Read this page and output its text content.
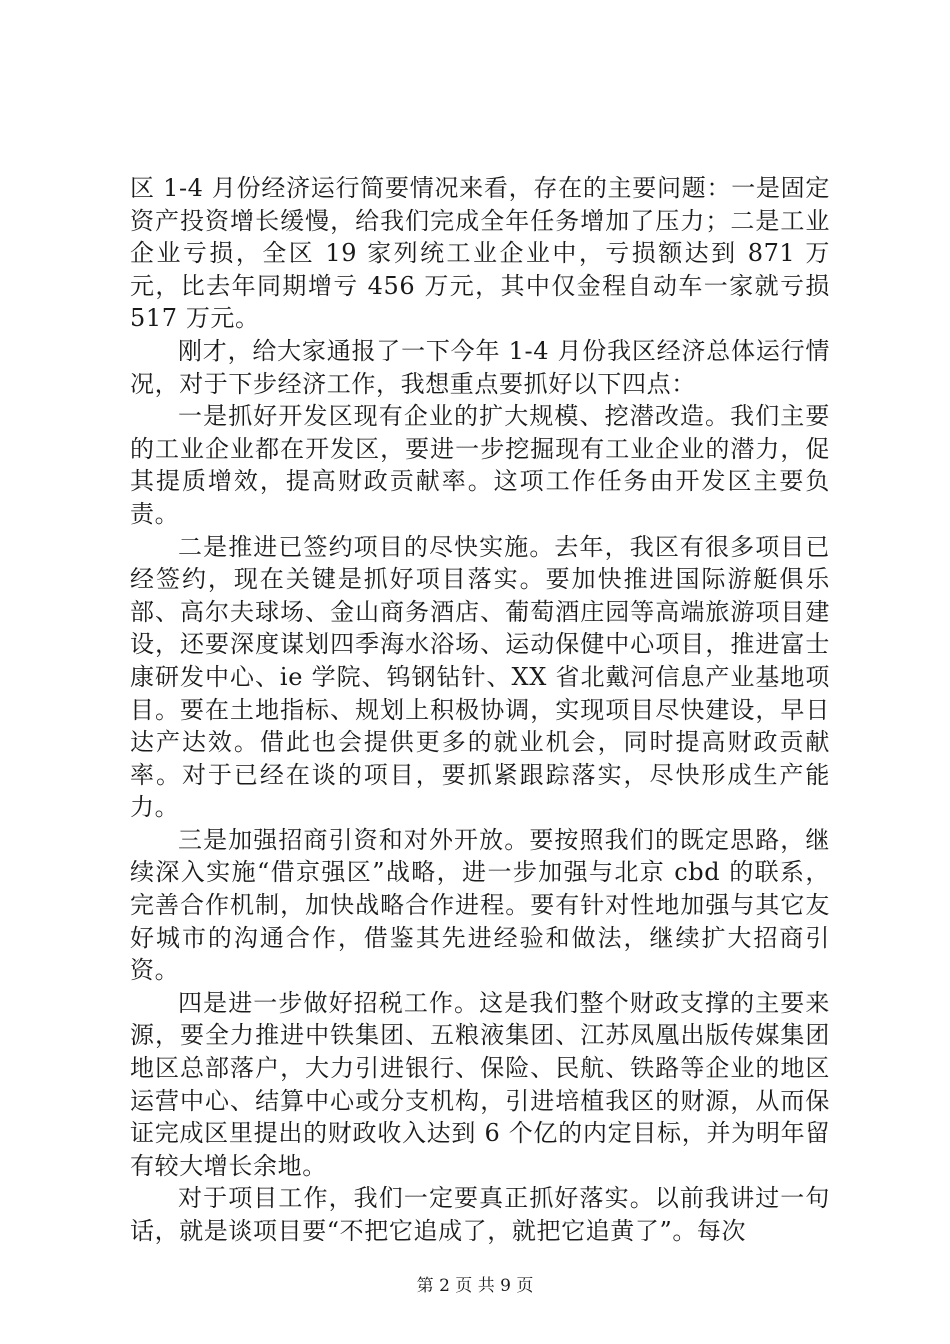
区 1-4 月份经济运行简要情况来看，存在的主要问题：一是固定资产投资增长缓慢，给我们完成全年任务增加了压力；二是工业企业亏损，全区 19 家列统工业企业中，亏损额达到 871 万元，比去年同期增亏 456 万元，其中仅金程自动车一家就亏损 517 万元。

刚才，给大家通报了一下今年 1-4 月份我区经济总体运行情况，对于下步经济工作，我想重点要抓好以下四点：

一是抓好开发区现有企业的扩大规模、挖潜改造。我们主要的工业企业都在开发区，要进一步挖掘现有工业企业的潜力，促其提质增效，提高财政贡献率。这项工作任务由开发区主要负责。

二是推进已签约项目的尽快实施。去年，我区有很多项目已经签约，现在关键是抓好项目落实。要加快推进国际游艇俱乐部、高尔夫球场、金山商务酒店、葡萄酒庄园等高端旅游项目建设，还要深度谋划四季海水浴场、运动保健中心项目，推进富士康研发中心、ie 学院、钨钢钻针、XX 省北戴河信息产业基地项目。要在土地指标、规划上积极协调，实现项目尽快建设，早日达产达效。借此也会提供更多的就业机会，同时提高财政贡献率。对于已经在谈的项目，要抓紧跟踪落实，尽快形成生产能力。

三是加强招商引资和对外开放。要按照我们的既定思路，继续深入实施“借京强区”战略，进一步加强与北京 cbd 的联系，完善合作机制，加快战略合作进程。要有针对性地加强与其它友好城市的沟通合作，借鉴其先进经验和做法，继续扩大招商引资。

四是进一步做好招税工作。这是我们整个财政支撑的主要来源，要全力推进中铁集团、五粮液集团、江苏凤凰出版传媒集团地区总部落户，大力引进银行、保险、民航、铁路等企业的地区运营中心、结算中心或分支机构，引进培植我区的财源，从而保证完成区里提出的财政收入达到 6 个亿的内定目标，并为明年留有较大增长余地。

对于项目工作，我们一定要真正抓好落实。以前我讲过一句话，就是谈项目要“不把它追成了，就把它追黄了”。每次

第 2 页 共 9 页
